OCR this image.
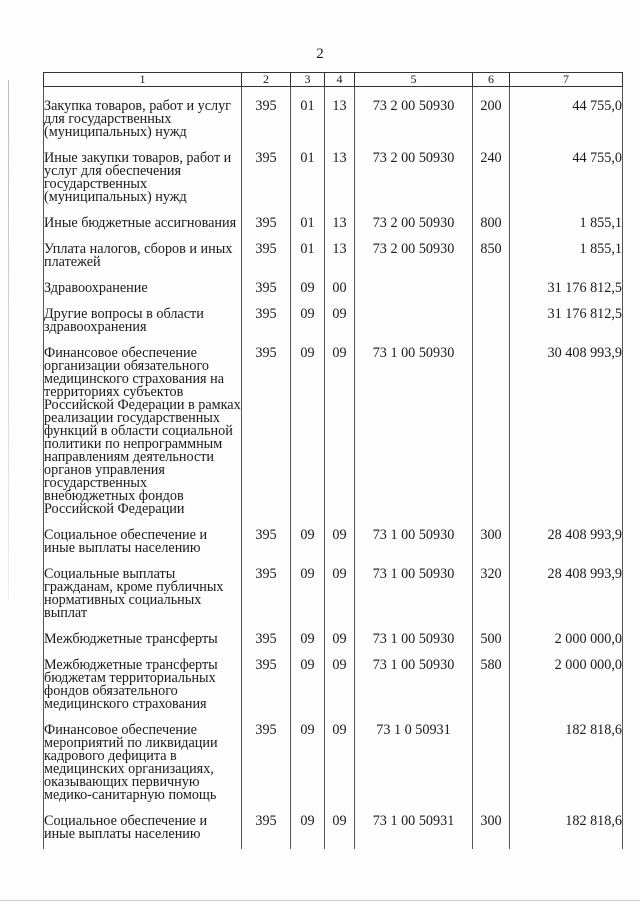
2
1	2	3	4	5	6	7

Закупка товаров, работ и услуг для государственных (муниципальных) нужд	395	01	13	73 2 00 50930	200	44 755,0

Иные закупки товаров, работ и услуг для обеспечения государственных (муниципальных) нужд	395	01	13	73 2 00 50930	240	44 755,0

Иные бюджетные ассигнования	395	01	13	73 2 00 50930	800	1 855,1

Уплата налогов, сборов и иных платежей	395	01	13	73 2 00 50930	850	1 855,1

Здравоохранение	395	09	00			31 176 812,5

Другие вопросы в области здравоохранения	395	09	09			31 176 812,5

Финансовое обеспечение организации обязательного медицинского страхования на территориях субъектов Российской Федерации в рамках реализации государственных функций в области социальной политики по непрограммным направлениям деятельности органов управления государственных внебюджетных фондов Российской Федерации	395	09	09	73 1 00 50930		30 408 993,9

Социальное обеспечение и иные выплаты населению	395	09	09	73 1 00 50930	300	28 408 993,9

Социальные выплаты гражданам, кроме публичных нормативных социальных выплат	395	09	09	73 1 00 50930	320	28 408 993,9

Межбюджетные трансферты	395	09	09	73 1 00 50930	500	2 000 000,0

Межбюджетные трансферты бюджетам территориальных фондов обязательного медицинского страхования	395	09	09	73 1 00 50930	580	2 000 000,0

Финансовое обеспечение мероприятий по ликвидации кадрового дефицита в медицинских организациях, оказывающих первичную медико-санитарную помощь	395	09	09	73 1 0 50931		182 818,6

Социальное обеспечение и иные выплаты населению	395	09	09	73 1 00 50931	300	182 818,6
